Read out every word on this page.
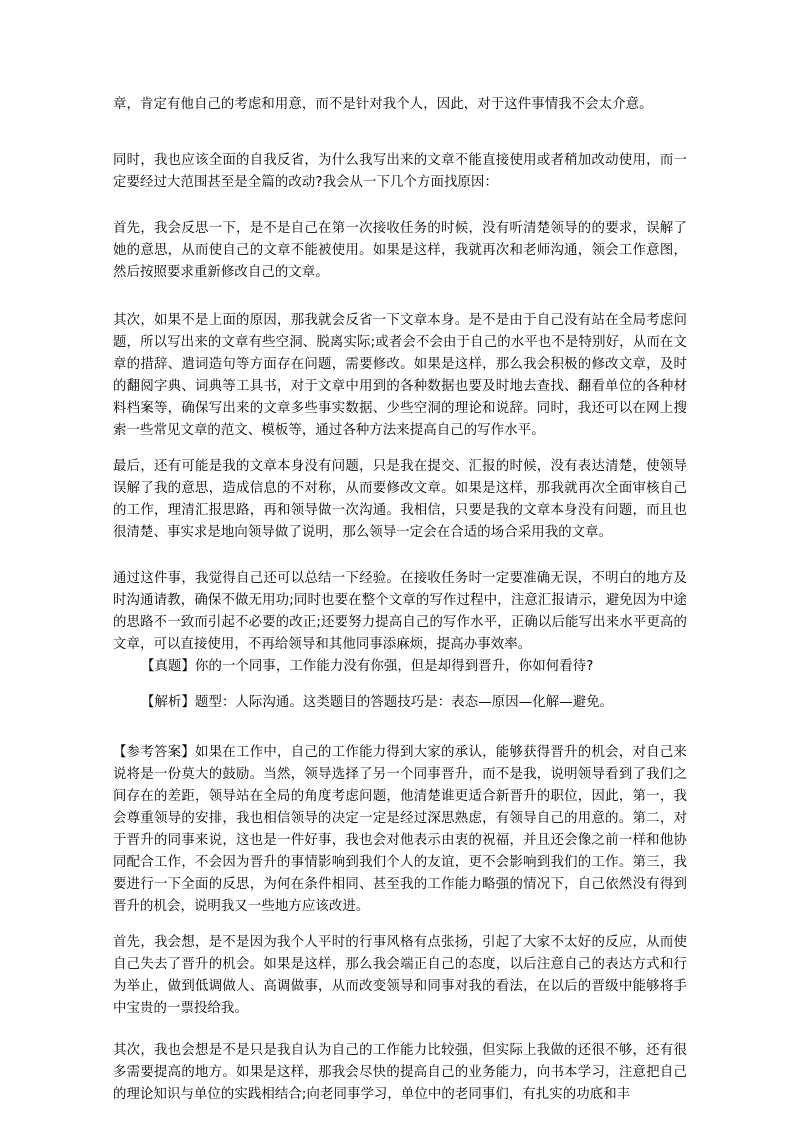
章，肯定有他自己的考虑和用意，而不是针对我个人，因此，对于这件事情我不会太介意。

同时，我也应该全面的自我反省，为什么我写出来的文章不能直接使用或者稍加改动使用，而一定要经过大范围甚至是全篇的改动?我会从一下几个方面找原因：

首先，我会反思一下，是不是自己在第一次接收任务的时候，没有听清楚领导的的要求，误解了她的意思，从而使自己的文章不能被使用。如果是这样，我就再次和老师沟通，领会工作意图，然后按照要求重新修改自己的文章。

其次，如果不是上面的原因，那我就会反省一下文章本身。是不是由于自己没有站在全局考虑问题，所以写出来的文章有些空洞、脱离实际;或者会不会由于自己的水平也不是特别好，从而在文章的措辞、遣词造句等方面存在问题，需要修改。如果是这样，那么我会积极的修改文章，及时的翻阅字典、词典等工具书，对于文章中用到的各种数据也要及时地去查找、翻看单位的各种材料档案等，确保写出来的文章多些事实数据、少些空洞的理论和说辞。同时，我还可以在网上搜索一些常见文章的范文、模板等，通过各种方法来提高自己的写作水平。

最后，还有可能是我的文章本身没有问题，只是我在提交、汇报的时候，没有表达清楚，使领导误解了我的意思，造成信息的不对称，从而要修改文章。如果是这样，那我就再次全面审核自己的工作，理清汇报思路，再和领导做一次沟通。我相信，只要是我的文章本身没有问题，而且也很清楚、事实求是地向领导做了说明，那么领导一定会在合适的场合采用我的文章。

通过这件事，我觉得自己还可以总结一下经验。在接收任务时一定要准确无误，不明白的地方及时沟通请教，确保不做无用功;同时也要在整个文章的写作过程中，注意汇报请示，避免因为中途的思路不一致而引起不必要的改正;还要努力提高自己的写作水平，正确以后能写出来水平更高的文章，可以直接使用，不再给领导和其他同事添麻烦，提高办事效率。

【真题】你的一个同事，工作能力没有你强，但是却得到晋升，你如何看待?

【解析】题型：人际沟通。这类题目的答题技巧是：表态—原因—化解—避免。

【参考答案】如果在工作中，自己的工作能力得到大家的承认，能够获得晋升的机会，对自己来说将是一份莫大的鼓励。当然，领导选择了另一个同事晋升，而不是我，说明领导看到了我们之间存在的差距，领导站在全局的角度考虑问题，他清楚谁更适合新晋升的职位，因此，第一，我会尊重领导的安排，我也相信领导的决定一定是经过深思熟虑，有领导自己的用意的。第二，对于晋升的同事来说，这也是一件好事，我也会对他表示由衷的祝福，并且还会像之前一样和他协同配合工作，不会因为晋升的事情影响到我们个人的友谊，更不会影响到我们的工作。第三，我要进行一下全面的反思，为何在条件相同、甚至我的工作能力略强的情况下，自己依然没有得到晋升的机会，说明我又一些地方应该改进。

首先，我会想，是不是因为我个人平时的行事风格有点张扬，引起了大家不太好的反应，从而使自己失去了晋升的机会。如果是这样，那么我会端正自己的态度，以后注意自己的表达方式和行为举止，做到低调做人、高调做事，从而改变领导和同事对我的看法，在以后的晋级中能够将手中宝贵的一票投给我。

其次，我也会想是不是只是我自认为自己的工作能力比较强，但实际上我做的还很不够，还有很多需要提高的地方。如果是这样，那我会尽快的提高自己的业务能力，向书本学习，注意把自己的理论知识与单位的实践相结合;向老同事学习，单位中的老同事们，有扎实的功底和丰
